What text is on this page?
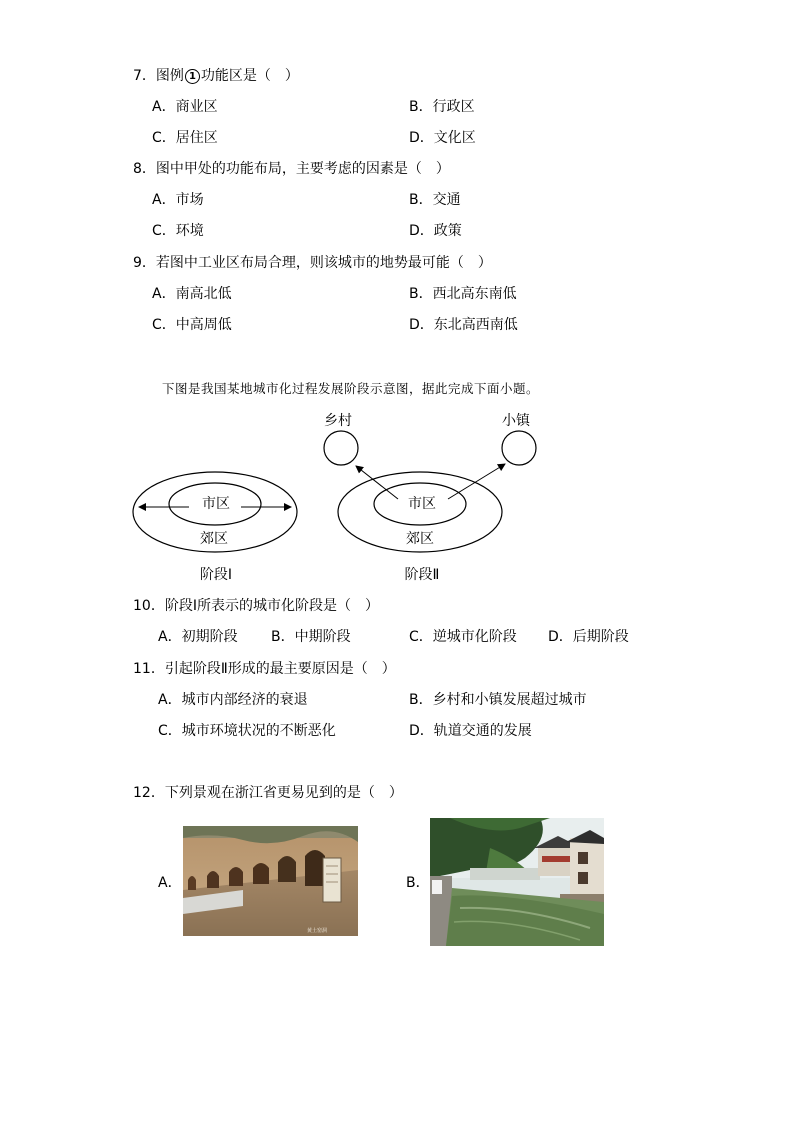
7．图例 1 功能区是（　）
A．商业区	B．行政区
C．居住区	D．文化区
8．图中甲处的功能布局，主要考虑的因素是（　）
A．市场	B．交通
C．环境	D．政策
9．若图中工业区布局合理，则该城市的地势最可能（　）
A．南高北低	B．西北高东南低
C．中高周低	D．东北高西南低
下图是我国某地城市化过程发展阶段示意图，据此完成下面小题。
市区
郊区
阶段Ⅰ
乡村	小镇
市区
郊区
阶段Ⅱ
10．阶段Ⅰ所表示的城市化阶段是（　）
A．初期阶段 B．中期阶段	C．逆城市化阶段 D．后期阶段
11．引起阶段Ⅱ形成的最主要原因是（　）
A．城市内部经济的衰退	B．乡村和小镇发展超过城市
C．城市环境状况的不断恶化	D．轨道交通的发展
12．下列景观在浙江省更易见到的是（　）
A．	B．
黄土窑洞
